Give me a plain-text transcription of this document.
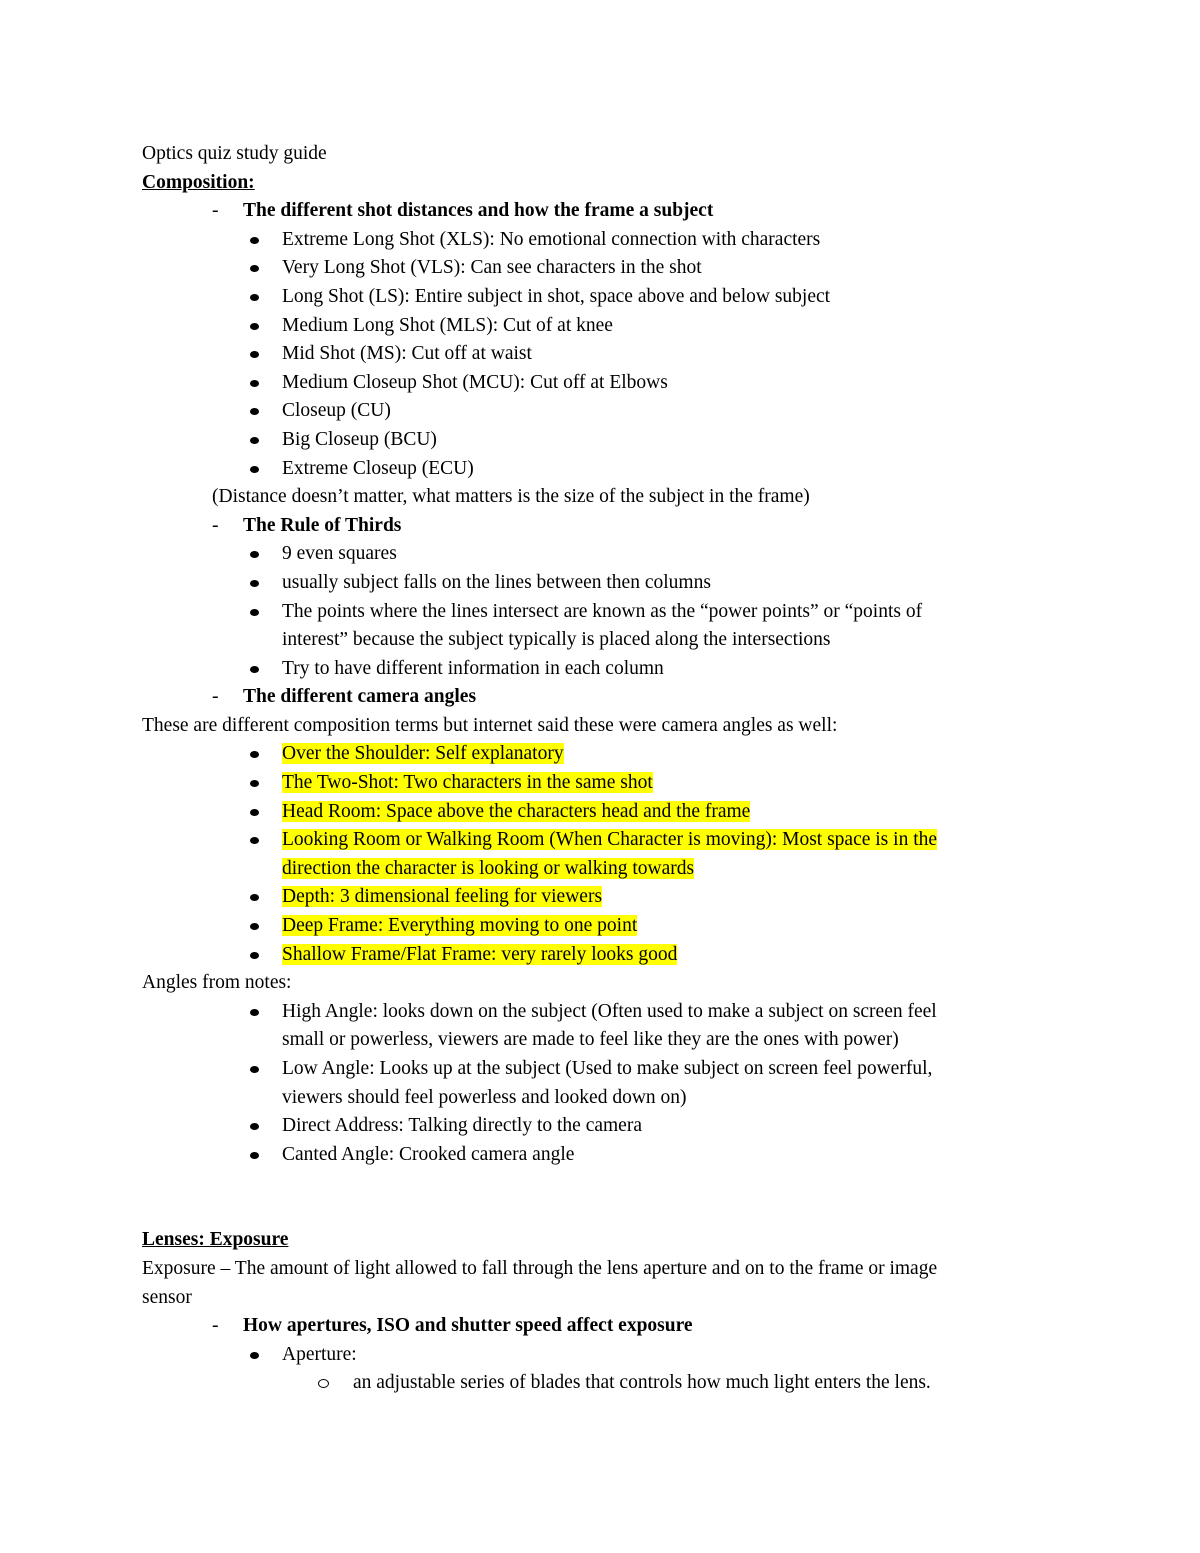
Optics quiz study guide
Composition:
- The different shot distances and how the frame a subject
Extreme Long Shot (XLS): No emotional connection with characters
Very Long Shot (VLS): Can see characters in the shot
Long Shot (LS): Entire subject in shot, space above and below subject
Medium Long Shot (MLS): Cut of at knee
Mid Shot (MS): Cut off at waist
Medium Closeup Shot (MCU): Cut off at Elbows
Closeup (CU)
Big Closeup (BCU)
Extreme Closeup (ECU)
(Distance doesn’t matter, what matters is the size of the subject in the frame)
- The Rule of Thirds
9 even squares
usually subject falls on the lines between then columns
The points where the lines intersect are known as the “power points” or “points of
interest” because the subject typically is placed along the intersections
Try to have different information in each column
- The different camera angles
These are different composition terms but internet said these were camera angles as well:
Over the Shoulder: Self explanatory
The Two-Shot: Two characters in the same shot
Head Room: Space above the characters head and the frame
Looking Room or Walking Room (When Character is moving): Most space is in the
direction the character is looking or walking towards
Depth: 3 dimensional feeling for viewers
Deep Frame: Everything moving to one point
Shallow Frame/Flat Frame: very rarely looks good
Angles from notes:
High Angle: looks down on the subject (Often used to make a subject on screen feel
small or powerless, viewers are made to feel like they are the ones with power)
Low Angle: Looks up at the subject (Used to make subject on screen feel powerful,
viewers should feel powerless and looked down on)
Direct Address: Talking directly to the camera
Canted Angle: Crooked camera angle
Lenses: Exposure
Exposure – The amount of light allowed to fall through the lens aperture and on to the frame or image
sensor
- How apertures, ISO and shutter speed affect exposure
Aperture:
an adjustable series of blades that controls how much light enters the lens.
